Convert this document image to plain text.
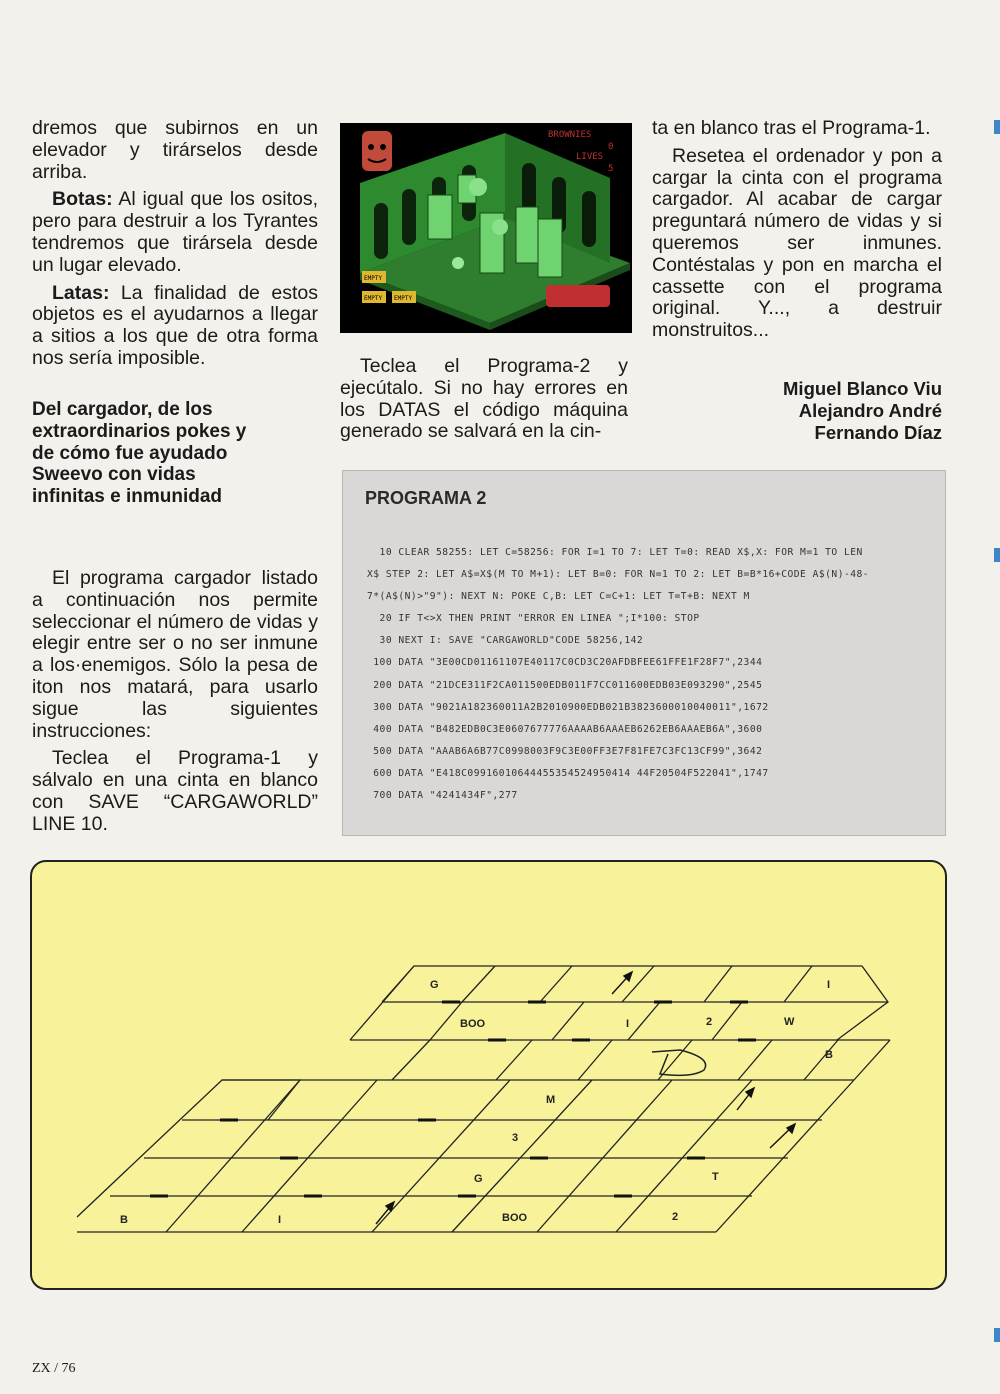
dremos que subirnos en un elevador y tirárselos desde arriba.

Botas: Al igual que los ositos, pero para destruir a los Tyrantes tendremos que tirársela desde un lugar elevado.

Latas: La finalidad de estos objetos es el ayudarnos a llegar a sitios a los que de otra forma nos sería imposible.

Del cargador, de los extraordinarios pokes y de cómo fue ayudado Sweevo con vidas infinitas e inmunidad

El programa cargador listado a continuación nos permite seleccionar el número de vidas y elegir entre ser o no ser inmune a los·enemigos. Sólo la pesa de iton nos matará, para usarlo sigue las siguientes instrucciones:

Teclea el Programa-1 y sálvalo en una cinta en blanco con SAVE “CARGAWORLD” LINE 10.

BROWNIES
0
LIVES
5
EMPTY
EMPTY EMPTY

Teclea el Programa-2 y ejecútalo. Si no hay errores en los DATAS el código máquina generado se salvará en la cin-

ta en blanco tras el Programa-1.

Resetea el ordenador y pon a cargar la cinta con el programa cargador. Al acabar de cargar preguntará número de vidas y si queremos ser inmunes. Contéstalas y pon en marcha el cassette con el programa original. Y..., a destruir monstruitos...

Miguel Blanco Viu
Alejandro André
Fernando Díaz
PROGRAMA 2
10 CLEAR 58255: LET C=58256: FOR I=1 TO 7: LET T=0: READ X$,X: FOR M=1 TO LEN
X$ STEP 2: LET A$=X$(M TO M+1): LET B=0: FOR N=1 TO 2: LET B=B*16+CODE A$(N)-48-
7*(A$(N)>"9"): NEXT N: POKE C,B: LET C=C+1: LET T=T+B: NEXT M
20 IF T<>X THEN PRINT "ERROR EN LINEA ";I*100: STOP
30 NEXT I: SAVE "CARGAWORLD"CODE 58256,142
100 DATA "3E00CD01161107E40117C0CD3C20AFDBFEE61FFE1F28F7",2344
200 DATA "21DCE311F2CA011500EDB011F7CC011600EDB03E093290",2545
300 DATA "9021A182360011A2B2010900EDB021B3823600010040011",1672
400 DATA "B482EDB0C3E0607677776AAAAB6AAAEB6262EB6AAAEB6A",3600
500 DATA "AAAB6A6B77C0998003F9C3E00FF3E7F81FE7C3FC13CF99",3642
600 DATA "E418C09916010644455354524950414 44F20504F522041",1747
700 DATA "4241434F",277
G	I
BOO	I	2	W
D
B
M
3
G	T
B	I	BOO	2
ZX / 76
